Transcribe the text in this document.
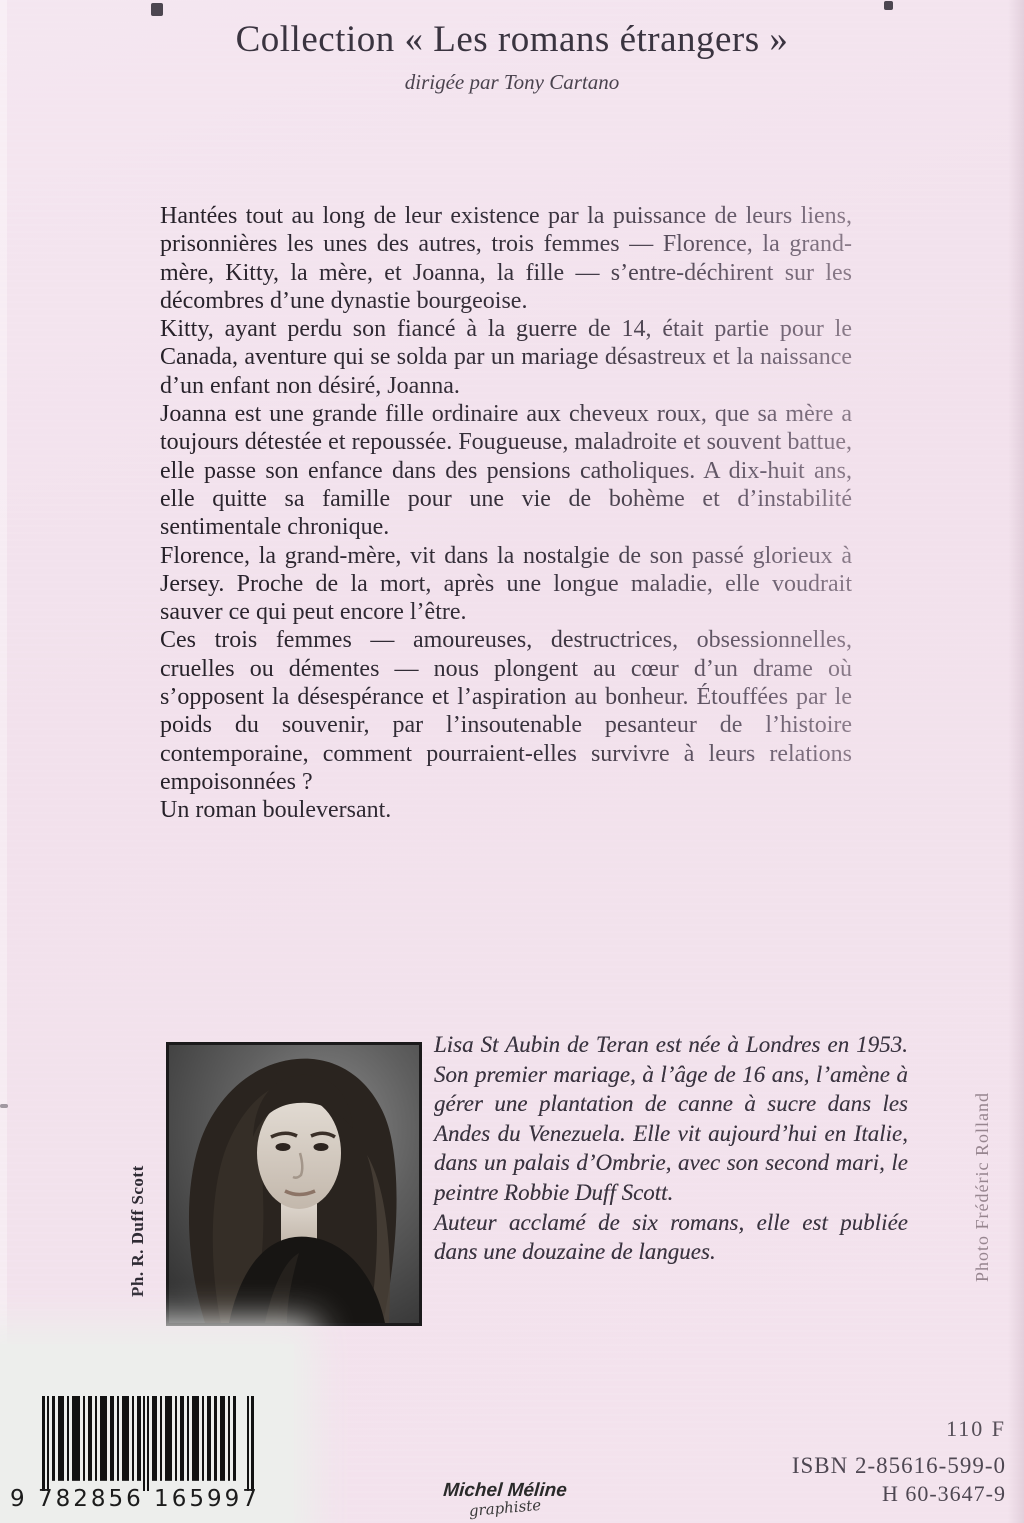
Collection « Les romans étrangers »
dirigée par Tony Cartano

Hantées tout au long de leur existence par la puissance de leurs liens, prisonnières les unes des autres, trois femmes — Florence, la grand-mère, Kitty, la mère, et Joanna, la fille — s’entre-déchirent sur les décombres d’une dynastie bourgeoise.

Kitty, ayant perdu son fiancé à la guerre de 14, était partie pour le Canada, aventure qui se solda par un mariage désastreux et la naissance d’un enfant non désiré, Joanna.

Joanna est une grande fille ordinaire aux cheveux roux, que sa mère a toujours détestée et repoussée. Fougueuse, maladroite et souvent battue, elle passe son enfance dans des pensions catholiques. A dix-huit ans, elle quitte sa famille pour une vie de bohème et d’instabilité sentimentale chronique.

Florence, la grand-mère, vit dans la nostalgie de son passé glorieux à Jersey. Proche de la mort, après une longue maladie, elle voudrait sauver ce qui peut encore l’être.

Ces trois femmes — amoureuses, destructrices, obsessionnelles, cruelles ou démentes — nous plongent au cœur d’un drame où s’opposent la désespérance et l’aspiration au bonheur. Étouffées par le poids du souvenir, par l’insoutenable pesanteur de l’histoire contemporaine, comment pourraient-elles survivre à leurs relations empoisonnées ?

Un roman bouleversant.

Ph. R. Duff Scott	Photo Frédéric Rolland

Lisa St Aubin de Teran est née à Londres en 1953. Son premier mariage, à l’âge de 16 ans, l’amène à gérer une plantation de canne à sucre dans les Andes du Venezuela. Elle vit aujourd’hui en Italie, dans un palais d’Ombrie, avec son second mari, le peintre Robbie Duff Scott.

Auteur acclamé de six romans, elle est publiée dans une douzaine de langues.

9 782856 165997	Michel Méline
graphiste
110 F
ISBN 2-85616-599-0
H 60-3647-9
